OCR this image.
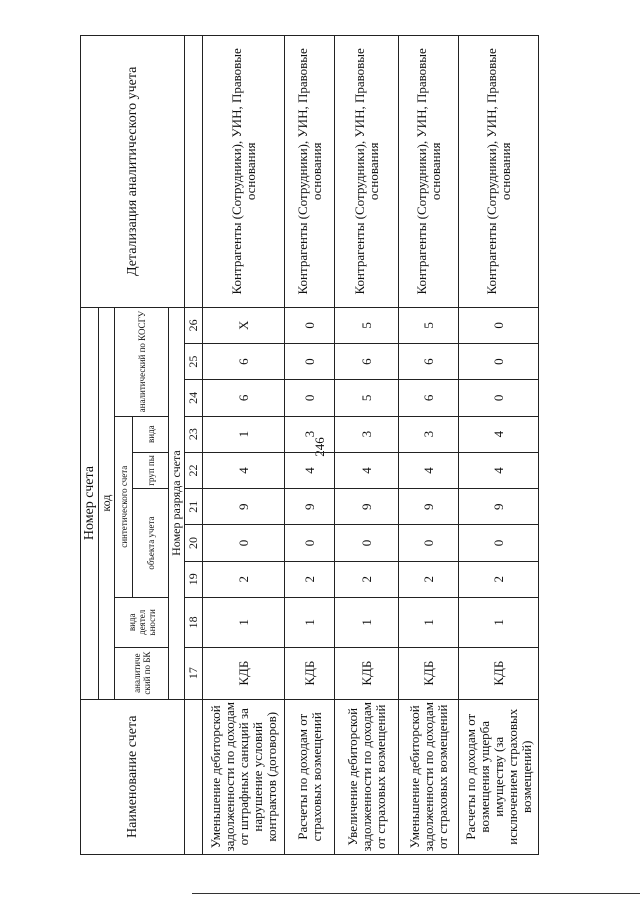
246
Наименование счета	Номер счета										Детализация аналитического учета
	код										
	аналитиче ский по БК	вида деятел ьности	синтетического счета					аналитический по КОСГУ			
			объекта учета			груп пы	вида				

	Номер разряда счета										
	17	18	19	20	21	22	23	24	25	26	
Уменьшение дебиторской задолженности по доходам от штрафных санкций за нарушение условий контрактов (договоров)	КДБ	1	2	0	9	4	1	6	6	Х	Контрагенты (Сотрудники), УИН, Правовые основания
Расчеты по доходам от страховых возмещений	КДБ	1	2	0	9	4	3	0	0	0	Контрагенты (Сотрудники), УИН, Правовые основания
Увеличение дебиторской задолженности по доходам от страховых возмещений	КДБ	1	2	0	9	4	3	5	6	5	Контрагенты (Сотрудники), УИН, Правовые основания
Уменьшение дебиторской задолженности по доходам от страховых возмещений	КДБ	1	2	0	9	4	3	6	6	5	Контрагенты (Сотрудники), УИН, Правовые основания
Расчеты по доходам от возмещения ущерба имуществу (за исключением страховых возмещений)	КДБ	1	2	0	9	4	4	0	0	0	Контрагенты (Сотрудники), УИН, Правовые основания
